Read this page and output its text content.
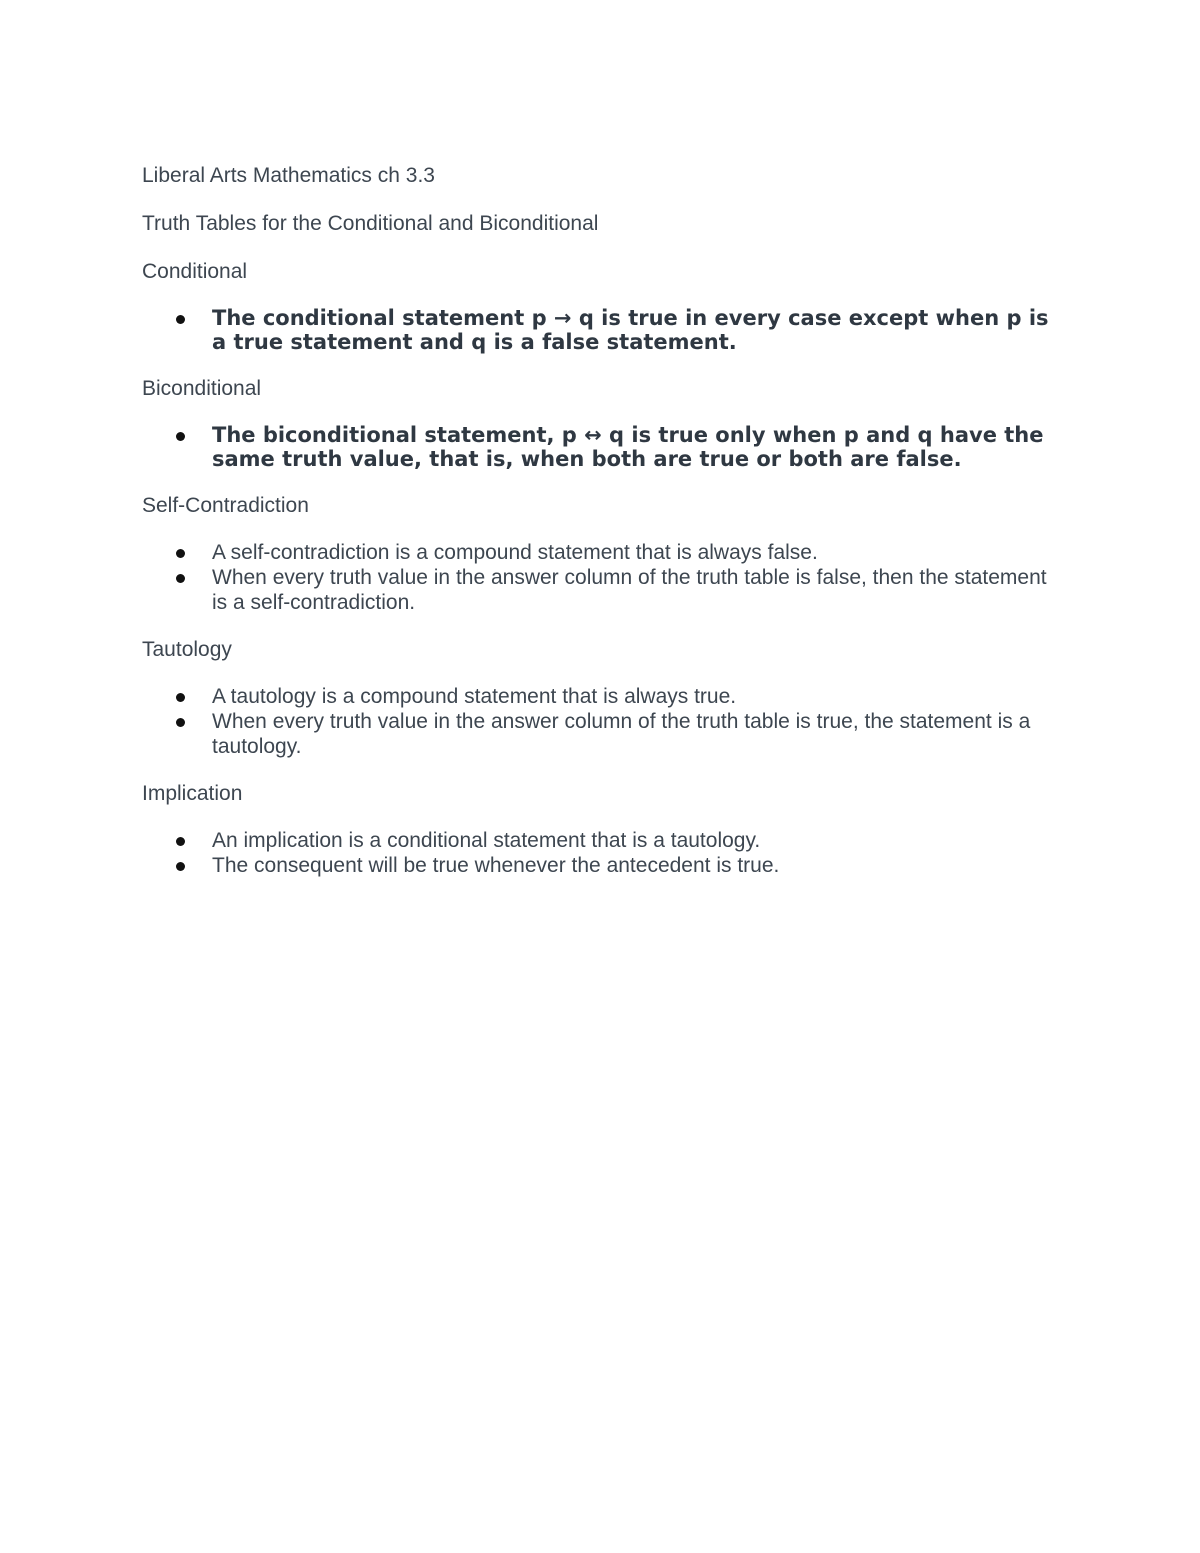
Liberal Arts Mathematics ch 3.3

Truth Tables for the Conditional and Biconditional

Conditional

The conditional statement p → q is true in every case except when p is a true statement and q is a false statement.

Biconditional

The biconditional statement, p ↔ q is true only when p and q have the same truth value, that is, when both are true or both are false.

Self-Contradiction

A self-contradiction is a compound statement that is always false.
When every truth value in the answer column of the truth table is false, then the statement is a self-contradiction.

Tautology

A tautology is a compound statement that is always true.
When every truth value in the answer column of the truth table is true, the statement is a tautology.

Implication

An implication is a conditional statement that is a tautology.
The consequent will be true whenever the antecedent is true.
